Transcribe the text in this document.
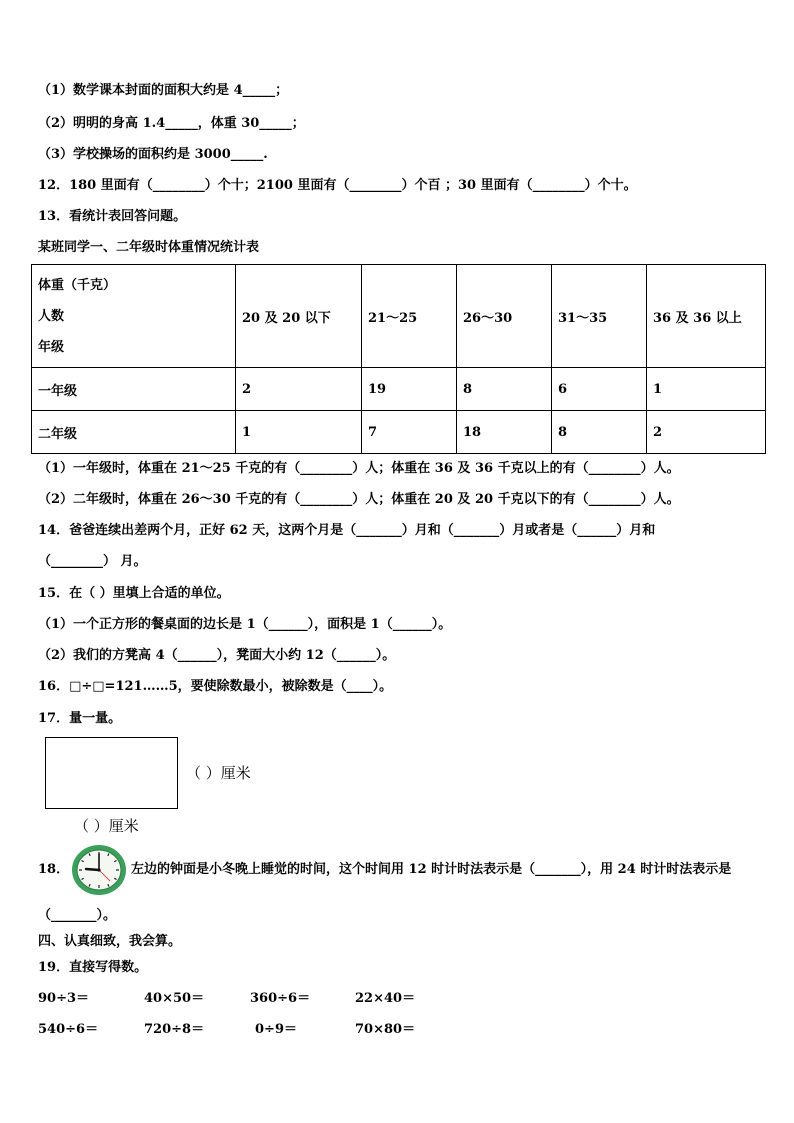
（1）数学课本封面的面积大约是 4_____；
（2）明明的身高 1.4_____，体重 30_____；
（3）学校操场的面积约是 3000_____.
12．180 里面有（________）个十；2100 里面有（________）个百 ；30 里面有（________）个十。
13．看统计表回答问题。
某班同学一、二年级时体重情况统计表
体重（千克）
人数
年级	20 及 20 以下	21～25	26～30	31～35	36 及 36 以上
一年级	2	19	8	6	1
二年级	1	7	18	8	2
（1）一年级时，体重在 21～25 千克的有（________）人；体重在 36 及 36 千克以上的有（________）人。
（2）二年级时，体重在 26～30 千克的有（________）人；体重在 20 及 20 千克以下的有（________）人。
14．爸爸连续出差两个月，正好 62 天，这两个月是（_______）月和（_______）月或者是（______）月和
（________） 月。
15．在（ ）里填上合适的单位。
（1）一个正方形的餐桌面的边长是 1（______），面积是 1（______）。
（2）我们的方凳高 4（______），凳面大小约 12（______）。
16．□÷□=121……5，要使除数最小，被除数是（____）。
17．量一量。
（ ）厘米
（ ）厘米
18．	左边的钟面是小冬晚上睡觉的时间，这个时间用 12 时计时法表示是（_______），用 24 时计时法表示是
（_______）。
四、认真细致，我会算。
19．直接写得数。
90÷3＝	40×50＝	360÷6＝	22×40＝
540÷6＝	720÷8＝	0÷9＝	70×80＝
